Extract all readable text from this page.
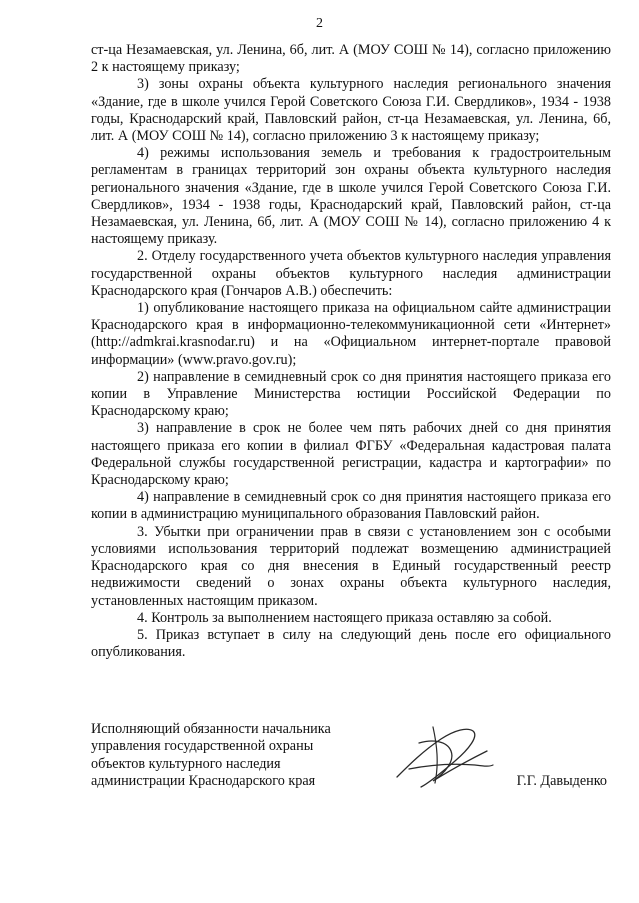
2

ст-ца Незамаевская, ул. Ленина, 6б, лит. А (МОУ СОШ № 14), согласно приложению 2 к настоящему приказу;

3) зоны охраны объекта культурного наследия регионального значения «Здание, где в школе учился Герой Советского Союза Г.И. Свердликов», 1934 - 1938 годы, Краснодарский край, Павловский район, ст-ца Незамаевская, ул. Ленина, 6б, лит. А (МОУ СОШ № 14), согласно приложению 3 к настоящему приказу;

4) режимы использования земель и требования к градостроительным регламентам в границах территорий зон охраны объекта культурного наследия регионального значения «Здание, где в школе учился Герой Советского Союза Г.И. Свердликов», 1934 - 1938 годы, Краснодарский край, Павловский район, ст-ца Незамаевская, ул. Ленина, 6б, лит. А (МОУ СОШ № 14), согласно приложению 4 к настоящему приказу.

2. Отделу государственного учета объектов культурного наследия управления государственной охраны объектов культурного наследия администрации Краснодарского края (Гончаров А.В.) обеспечить:

1) опубликование настоящего приказа на официальном сайте администрации Краснодарского края в информационно-телекоммуникационной сети «Интернет» (http://admkrai.krasnodar.ru) и на «Официальном интернет-портале правовой информации» (www.pravo.gov.ru);

2) направление в семидневный срок со дня принятия настоящего приказа его копии в Управление Министерства юстиции Российской Федерации по Краснодарскому краю;

3) направление в срок не более чем пять рабочих дней со дня принятия настоящего приказа его копии в филиал ФГБУ «Федеральная кадастровая палата Федеральной службы государственной регистрации, кадастра и картографии» по Краснодарскому краю;

4) направление в семидневный срок со дня принятия настоящего приказа его копии в администрацию муниципального образования Павловский район.

3. Убытки при ограничении прав в связи с установлением зон с особыми условиями использования территорий подлежат возмещению администрацией Краснодарского края со дня внесения в Единый государственный реестр недвижимости сведений о зонах охраны объекта культурного наследия, установленных настоящим приказом.

4. Контроль за выполнением настоящего приказа оставляю за собой.

5. Приказ вступает в силу на следующий день после его официального опубликования.

Исполняющий обязанности начальника
управления государственной охраны
объектов культурного наследия
администрации Краснодарского края	Г.Г. Давыденко
